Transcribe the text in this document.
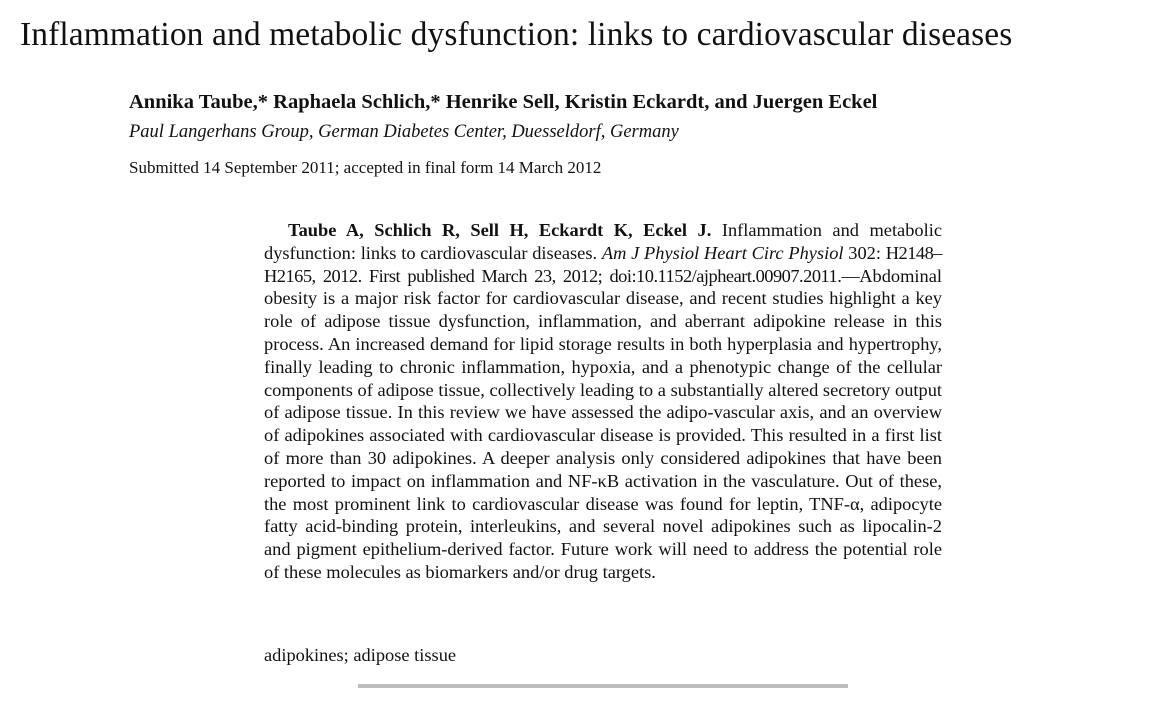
Inflammation and metabolic dysfunction: links to cardiovascular diseases

Annika Taube,* Raphaela Schlich,* Henrike Sell, Kristin Eckardt, and Juergen Eckel

Paul Langerhans Group, German Diabetes Center, Duesseldorf, Germany

Submitted 14 September 2011; accepted in final form 14 March 2012

Taube A, Schlich R, Sell H, Eckardt K, Eckel J. Inflammation and metabolic dysfunction: links to cardiovascular diseases. Am J Physiol Heart Circ Physiol 302: H2148–H2165, 2012. First published March 23, 2012; doi:10.1152/ajpheart.00907.2011.—Abdominal obesity is a major risk factor for cardiovascular disease, and recent studies highlight a key role of adipose tissue dysfunction, inflammation, and aberrant adipokine release in this process. An increased demand for lipid storage results in both hyperplasia and hypertrophy, finally leading to chronic inflammation, hypoxia, and a phenotypic change of the cellular components of adipose tissue, collectively leading to a substantially altered secretory output of adipose tissue. In this review we have assessed the adipo-vascular axis, and an overview of adipokines associated with cardiovascular disease is provided. This resulted in a first list of more than 30 adipokines. A deeper analysis only considered adipokines that have been reported to impact on inflammation and NF-κB activation in the vasculature. Out of these, the most prominent link to cardiovascular disease was found for leptin, TNF-α, adipocyte fatty acid-binding protein, interleukins, and several novel adipokines such as lipocalin-2 and pigment epithelium-derived factor. Future work will need to address the potential role of these molecules as biomarkers and/or drug targets.

adipokines; adipose tissue
